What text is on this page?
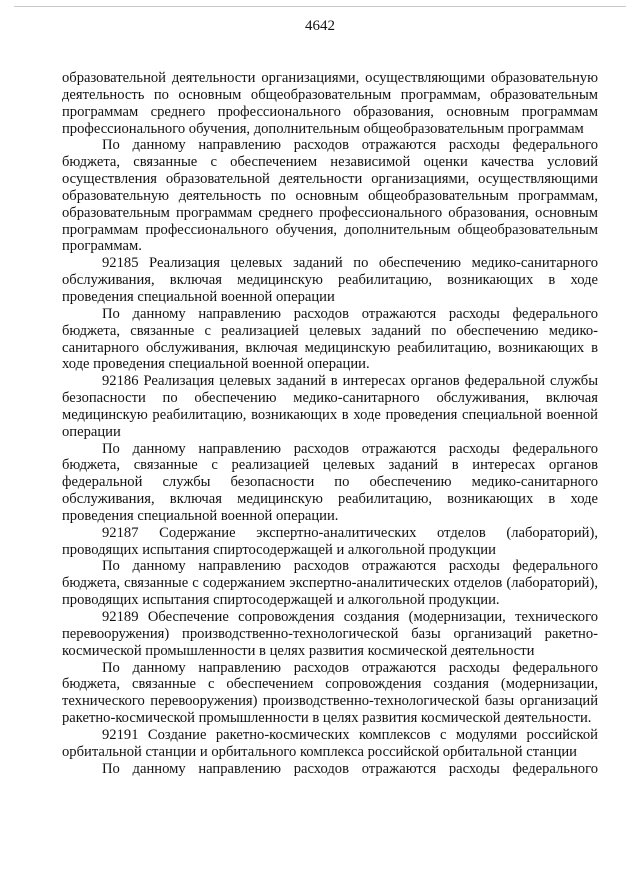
4642

образовательной деятельности организациями, осуществляющими образовательную деятельность по основным общеобразовательным программам, образовательным программам среднего профессионального образования, основным программам профессионального обучения, дополнительным общеобразовательным программам

По данному направлению расходов отражаются расходы федерального бюджета, связанные с обеспечением независимой оценки качества условий осуществления образовательной деятельности организациями, осуществляющими образовательную деятельность по основным общеобразовательным программам, образовательным программам среднего профессионального образования, основным программам профессионального обучения, дополнительным общеобразовательным программам.

92185 Реализация целевых заданий по обеспечению медико-санитарного обслуживания, включая медицинскую реабилитацию, возникающих в ходе проведения специальной военной операции

По данному направлению расходов отражаются расходы федерального бюджета, связанные с реализацией целевых заданий по обеспечению медико-санитарного обслуживания, включая медицинскую реабилитацию, возникающих в ходе проведения специальной военной операции.

92186 Реализация целевых заданий в интересах органов федеральной службы безопасности по обеспечению медико-санитарного обслуживания, включая медицинскую реабилитацию, возникающих в ходе проведения специальной военной операции

По данному направлению расходов отражаются расходы федерального бюджета, связанные с реализацией целевых заданий в интересах органов федеральной службы безопасности по обеспечению медико-санитарного обслуживания, включая медицинскую реабилитацию, возникающих в ходе проведения специальной военной операции.

92187 Содержание экспертно-аналитических отделов (лабораторий), проводящих испытания спиртосодержащей и алкогольной продукции

По данному направлению расходов отражаются расходы федерального бюджета, связанные с содержанием экспертно-аналитических отделов (лабораторий), проводящих испытания спиртосодержащей и алкогольной продукции.

92189 Обеспечение сопровождения создания (модернизации, технического перевооружения) производственно-технологической базы организаций ракетно-космической промышленности в целях развития космической деятельности

По данному направлению расходов отражаются расходы федерального бюджета, связанные с обеспечением сопровождения создания (модернизации, технического перевооружения) производственно-технологической базы организаций ракетно-космической промышленности в целях развития космической деятельности.

92191 Создание ракетно-космических комплексов с модулями российской орбитальной станции и орбитального комплекса российской орбитальной станции

По данному направлению расходов отражаются расходы федерального
